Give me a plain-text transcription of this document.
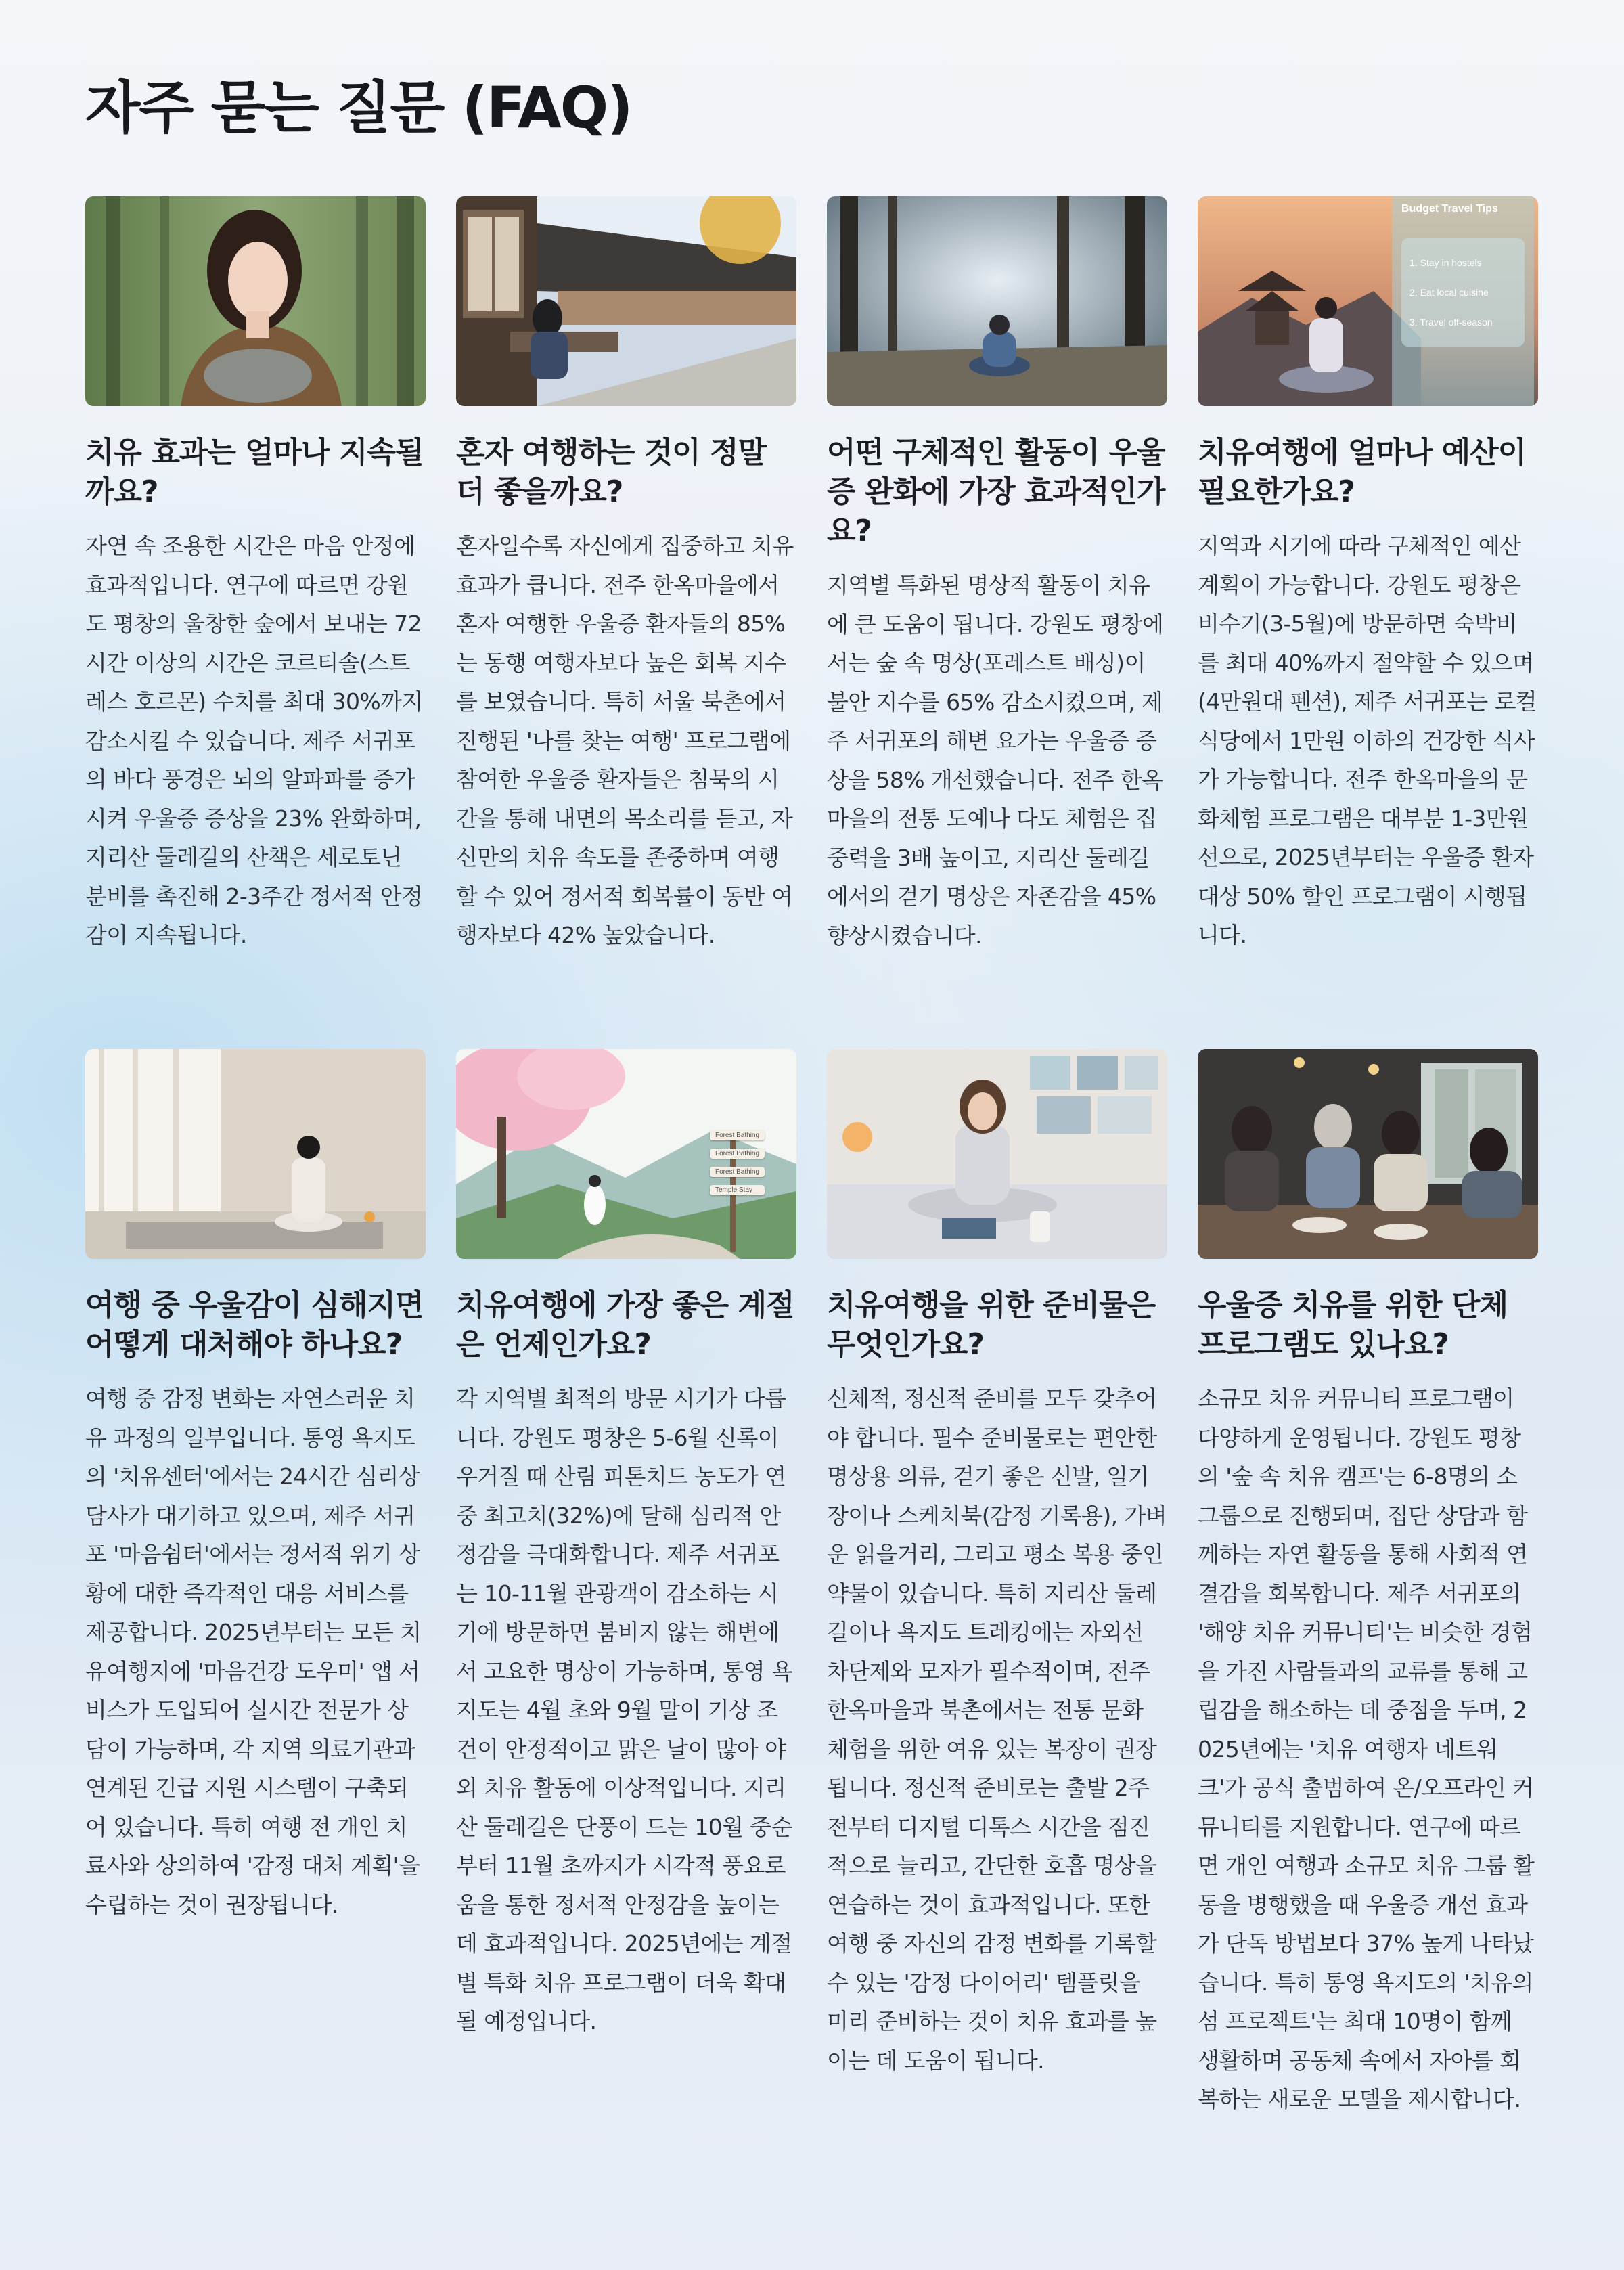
자주 묻는 질문 (FAQ)
치유 효과는 얼마나 지속될까요?

자연 속 조용한 시간은 마음 안정에 효과적입니다. 연구에 따르면 강원도 평창의 울창한 숲에서 보내는 72시간 이상의 시간은 코르티솔(스트레스 호르몬) 수치를 최대 30%까지 감소시킬 수 있습니다. 제주 서귀포의 바다 풍경은 뇌의 알파파를 증가시켜 우울증 증상을 23% 완화하며, 지리산 둘레길의 산책은 세로토닌 분비를 촉진해 2-3주간 정서적 안정감이 지속됩니다.

혼자 여행하는 것이 정말 더 좋을까요?

혼자일수록 자신에게 집중하고 치유 효과가 큽니다. 전주 한옥마을에서 혼자 여행한 우울증 환자들의 85%는 동행 여행자보다 높은 회복 지수를 보였습니다. 특히 서울 북촌에서 진행된 '나를 찾는 여행' 프로그램에 참여한 우울증 환자들은 침묵의 시간을 통해 내면의 목소리를 듣고, 자신만의 치유 속도를 존중하며 여행할 수 있어 정서적 회복률이 동반 여행자보다 42% 높았습니다.

어떤 구체적인 활동이 우울증 완화에 가장 효과적인가요?

지역별 특화된 명상적 활동이 치유에 큰 도움이 됩니다. 강원도 평창에서는 숲 속 명상(포레스트 배싱)이 불안 지수를 65% 감소시켰으며, 제주 서귀포의 해변 요가는 우울증 증상을 58% 개선했습니다. 전주 한옥마을의 전통 도예나 다도 체험은 집중력을 3배 높이고, 지리산 둘레길에서의 걷기 명상은 자존감을 45% 향상시켰습니다.

Budget Travel Tips
1. Stay in hostels
2. Eat local cuisine
3. Travel off-season
치유여행에 얼마나 예산이 필요한가요?

지역과 시기에 따라 구체적인 예산 계획이 가능합니다. 강원도 평창은 비수기(3-5월)에 방문하면 숙박비를 최대 40%까지 절약할 수 있으며(4만원대 펜션), 제주 서귀포는 로컬 식당에서 1만원 이하의 건강한 식사가 가능합니다. 전주 한옥마을의 문화체험 프로그램은 대부분 1-3만원 선으로, 2025년부터는 우울증 환자 대상 50% 할인 프로그램이 시행됩니다.

여행 중 우울감이 심해지면 어떻게 대처해야 하나요?

여행 중 감정 변화는 자연스러운 치유 과정의 일부입니다. 통영 욕지도의 '치유센터'에서는 24시간 심리상담사가 대기하고 있으며, 제주 서귀포 '마음쉼터'에서는 정서적 위기 상황에 대한 즉각적인 대응 서비스를 제공합니다. 2025년부터는 모든 치유여행지에 '마음건강 도우미' 앱 서비스가 도입되어 실시간 전문가 상담이 가능하며, 각 지역 의료기관과 연계된 긴급 지원 시스템이 구축되어 있습니다. 특히 여행 전 개인 치료사와 상의하여 '감정 대처 계획'을 수립하는 것이 권장됩니다.

Forest Bathing
Forest Bathing
Forest Bathing
Temple Stay
치유여행에 가장 좋은 계절은 언제인가요?

각 지역별 최적의 방문 시기가 다릅니다. 강원도 평창은 5-6월 신록이 우거질 때 산림 피톤치드 농도가 연중 최고치(32%)에 달해 심리적 안정감을 극대화합니다. 제주 서귀포는 10-11월 관광객이 감소하는 시기에 방문하면 붐비지 않는 해변에서 고요한 명상이 가능하며, 통영 욕지도는 4월 초와 9월 말이 기상 조건이 안정적이고 맑은 날이 많아 야외 치유 활동에 이상적입니다. 지리산 둘레길은 단풍이 드는 10월 중순부터 11월 초까지가 시각적 풍요로움을 통한 정서적 안정감을 높이는 데 효과적입니다. 2025년에는 계절별 특화 치유 프로그램이 더욱 확대될 예정입니다.

치유여행을 위한 준비물은 무엇인가요?

신체적, 정신적 준비를 모두 갖추어야 합니다. 필수 준비물로는 편안한 명상용 의류, 걷기 좋은 신발, 일기장이나 스케치북(감정 기록용), 가벼운 읽을거리, 그리고 평소 복용 중인 약물이 있습니다. 특히 지리산 둘레길이나 욕지도 트레킹에는 자외선 차단제와 모자가 필수적이며, 전주 한옥마을과 북촌에서는 전통 문화 체험을 위한 여유 있는 복장이 권장됩니다. 정신적 준비로는 출발 2주 전부터 디지털 디톡스 시간을 점진적으로 늘리고, 간단한 호흡 명상을 연습하는 것이 효과적입니다. 또한 여행 중 자신의 감정 변화를 기록할 수 있는 '감정 다이어리' 템플릿을 미리 준비하는 것이 치유 효과를 높이는 데 도움이 됩니다.

우울증 치유를 위한 단체 프로그램도 있나요?

소규모 치유 커뮤니티 프로그램이 다양하게 운영됩니다. 강원도 평창의 '숲 속 치유 캠프'는 6-8명의 소그룹으로 진행되며, 집단 상담과 함께하는 자연 활동을 통해 사회적 연결감을 회복합니다. 제주 서귀포의 '해양 치유 커뮤니티'는 비슷한 경험을 가진 사람들과의 교류를 통해 고립감을 해소하는 데 중점을 두며, 2025년에는 '치유 여행자 네트워크'가 공식 출범하여 온/오프라인 커뮤니티를 지원합니다. 연구에 따르면 개인 여행과 소규모 치유 그룹 활동을 병행했을 때 우울증 개선 효과가 단독 방법보다 37% 높게 나타났습니다. 특히 통영 욕지도의 '치유의 섬 프로젝트'는 최대 10명이 함께 생활하며 공동체 속에서 자아를 회복하는 새로운 모델을 제시합니다.
